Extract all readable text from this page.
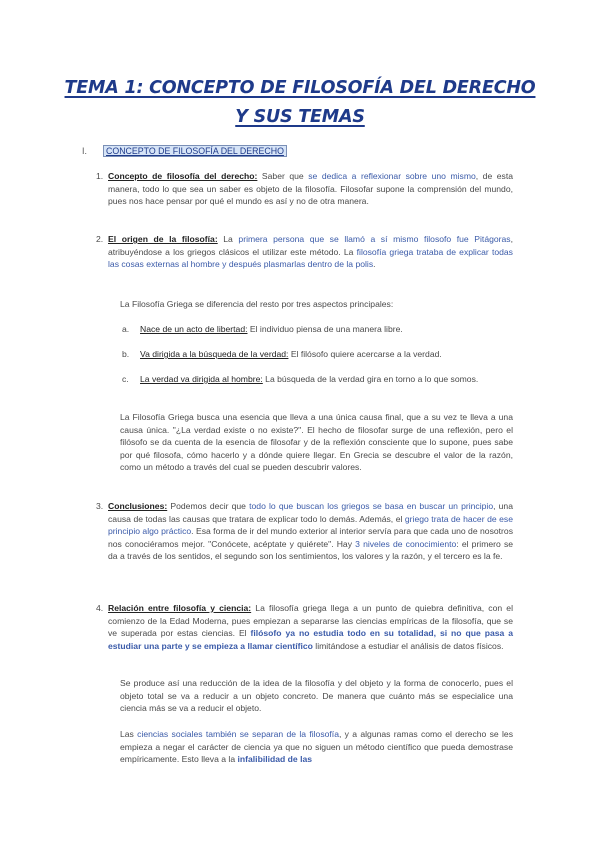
TEMA 1: CONCEPTO DE FILOSOFÍA DEL DERECHO Y SUS TEMAS
I. CONCEPTO DE FILOSOFÍA DEL DERECHO
1. Concepto de filosofía del derecho: Saber que se dedica a reflexionar sobre uno mismo, de esta manera, todo lo que sea un saber es objeto de la filosofía. Filosofar supone la comprensión del mundo, pues nos hace pensar por qué el mundo es así y no de otra manera.
2. El origen de la filosofía: La primera persona que se llamó a sí mismo filosofo fue Pitágoras, atribuyéndose a los griegos clásicos el utilizar este método. La filosofía griega trataba de explicar todas las cosas externas al hombre y después plasmarlas dentro de la polis.
La Filosofía Griega se diferencia del resto por tres aspectos principales:
a. Nace de un acto de libertad: El individuo piensa de una manera libre.
b. Va dirigida a la búsqueda de la verdad: El filósofo quiere acercarse a la verdad.
c. La verdad va dirigida al hombre: La búsqueda de la verdad gira en torno a lo que somos.
La Filosofía Griega busca una esencia que lleva a una única causa final, que a su vez te lleva a una causa única. "¿La verdad existe o no existe?". El hecho de filosofar surge de una reflexión, pero el filósofo se da cuenta de la esencia de filosofar y de la reflexión consciente que lo supone, pues sabe por qué filosofa, cómo hacerlo y a dónde quiere llegar. En Grecia se descubre el valor de la razón, como un método a través del cual se pueden descubrir valores.
3. Conclusiones: Podemos decir que todo lo que buscan los griegos se basa en buscar un principio, una causa de todas las causas que tratara de explicar todo lo demás. Además, el griego trata de hacer de ese principio algo práctico. Esa forma de ir del mundo exterior al interior servía para que cada uno de nosotros nos conociéramos mejor. "Conócete, acéptate y quiérete". Hay 3 niveles de conocimiento: el primero se da a través de los sentidos, el segundo son los sentimientos, los valores y la razón, y el tercero es la fe.
4. Relación entre filosofía y ciencia: La filosofía griega llega a un punto de quiebra definitiva, con el comienzo de la Edad Moderna, pues empiezan a separarse las ciencias empíricas de la filosofía, que se ve superada por estas ciencias. El filósofo ya no estudia todo en su totalidad, si no que pasa a estudiar una parte y se empieza a llamar científico limitándose a estudiar el análisis de datos físicos.
Se produce así una reducción de la idea de la filosofía y del objeto y la forma de conocerlo, pues el objeto total se va a reducir a un objeto concreto. De manera que cuánto más se especialice una ciencia más se va a reducir el objeto.
Las ciencias sociales también se separan de la filosofía, y a algunas ramas como el derecho se les empieza a negar el carácter de ciencia ya que no siguen un método científico que pueda demostrase empíricamente. Esto lleva a la infalibilidad de las
